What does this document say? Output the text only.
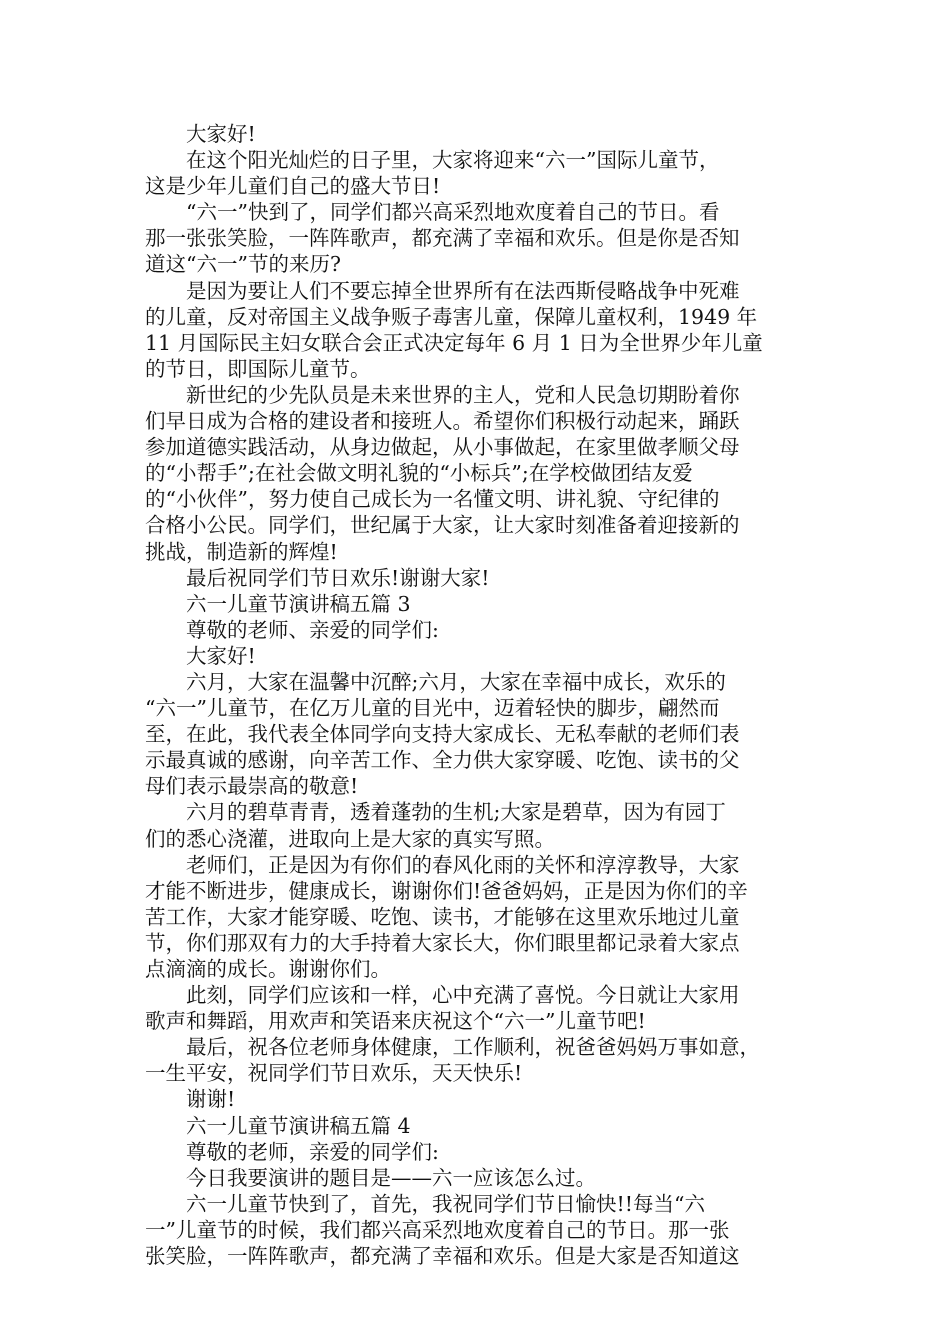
大家好!
在这个阳光灿烂的日子里，大家将迎来“六一”国际儿童节，
这是少年儿童们自己的盛大节日!
“六一”快到了，同学们都兴高采烈地欢度着自己的节日。看
那一张张笑脸，一阵阵歌声，都充满了幸福和欢乐。但是你是否知
道这“六一”节的来历?
是因为要让人们不要忘掉全世界所有在法西斯侵略战争中死难
的儿童，反对帝国主义战争贩子毒害儿童，保障儿童权利，1949 年
11 月国际民主妇女联合会正式决定每年 6 月 1 日为全世界少年儿童
的节日，即国际儿童节。
新世纪的少先队员是未来世界的主人，党和人民急切期盼着你
们早日成为合格的建设者和接班人。希望你们积极行动起来，踊跃
参加道德实践活动，从身边做起，从小事做起，在家里做孝顺父母
的“小帮手”;在社会做文明礼貌的“小标兵”;在学校做团结友爱
的“小伙伴”，努力使自己成长为一名懂文明、讲礼貌、守纪律的
合格小公民。同学们，世纪属于大家，让大家时刻准备着迎接新的
挑战，制造新的辉煌!
最后祝同学们节日欢乐!谢谢大家!
六一儿童节演讲稿五篇 3
尊敬的老师、亲爱的同学们:
大家好!
六月，大家在温馨中沉醉;六月，大家在幸福中成长，欢乐的
“六一”儿童节，在亿万儿童的目光中，迈着轻快的脚步，翩然而
至，在此，我代表全体同学向支持大家成长、无私奉献的老师们表
示最真诚的感谢，向辛苦工作、全力供大家穿暖、吃饱、读书的父
母们表示最崇高的敬意!
六月的碧草青青，透着蓬勃的生机;大家是碧草，因为有园丁
们的悉心浇灌，进取向上是大家的真实写照。
老师们，正是因为有你们的春风化雨的关怀和淳淳教导，大家
才能不断进步，健康成长，谢谢你们!爸爸妈妈，正是因为你们的辛
苦工作，大家才能穿暖、吃饱、读书，才能够在这里欢乐地过儿童
节，你们那双有力的大手持着大家长大，你们眼里都记录着大家点
点滴滴的成长。谢谢你们。
此刻，同学们应该和一样，心中充满了喜悦。今日就让大家用
歌声和舞蹈，用欢声和笑语来庆祝这个“六一”儿童节吧!
最后，祝各位老师身体健康，工作顺利，祝爸爸妈妈万事如意，
一生平安，祝同学们节日欢乐，天天快乐!
谢谢!
六一儿童节演讲稿五篇 4
尊敬的老师，亲爱的同学们:
今日我要演讲的题目是——六一应该怎么过。
六一儿童节快到了，首先，我祝同学们节日愉快!!每当“六
一”儿童节的时候，我们都兴高采烈地欢度着自己的节日。那一张
张笑脸，一阵阵歌声，都充满了幸福和欢乐。但是大家是否知道这
